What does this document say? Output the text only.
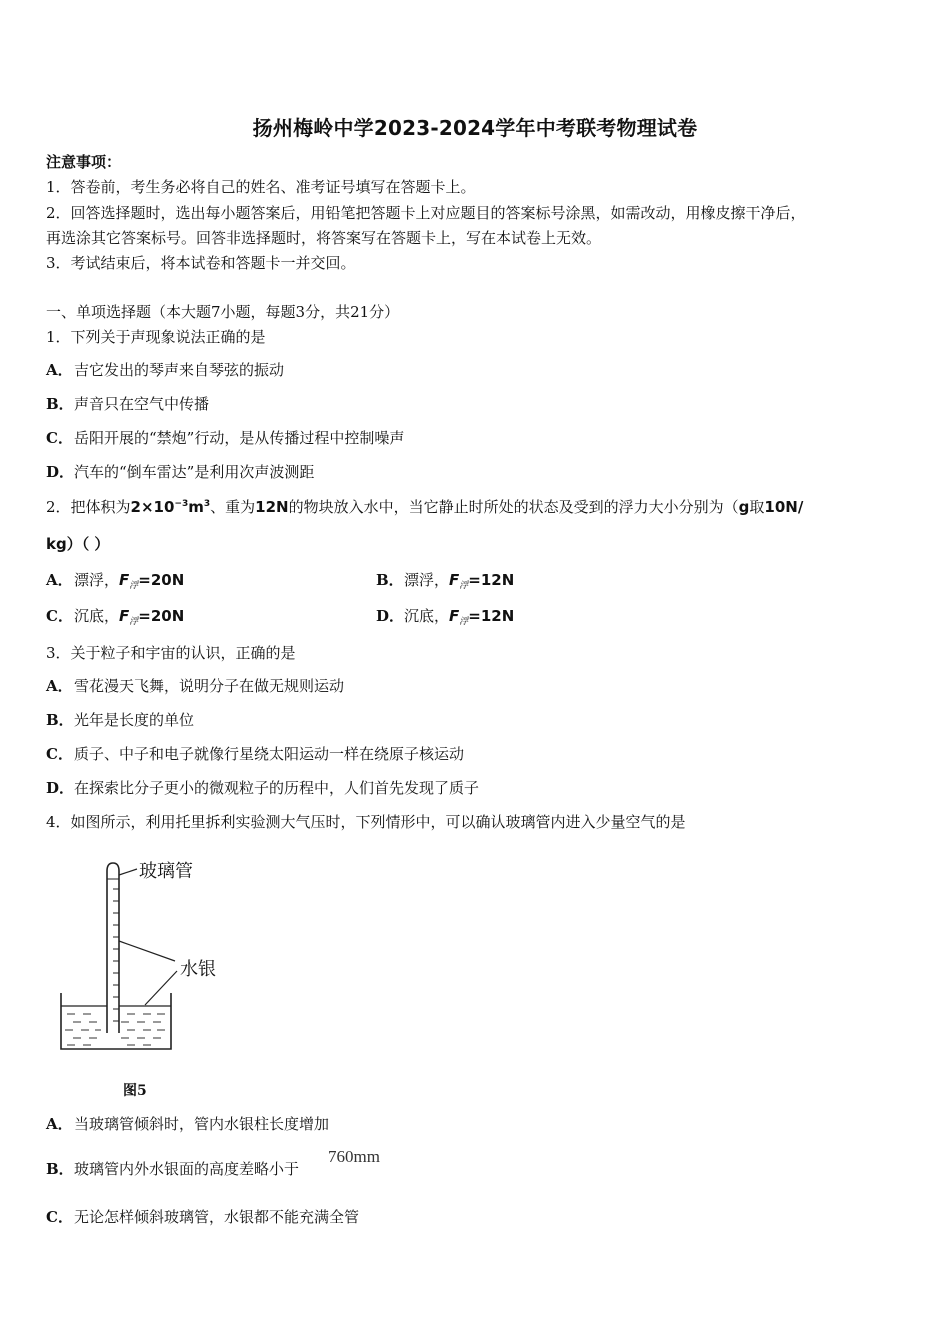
扬州梅岭中学2023-2024学年中考联考物理试卷
注意事项：
1．答卷前，考生务必将自己的姓名、准考证号填写在答题卡上。
2．回答选择题时，选出每小题答案后，用铅笔把答题卡上对应题目的答案标号涂黑，如需改动，用橡皮擦干净后，
再选涂其它答案标号。回答非选择题时，将答案写在答题卡上，写在本试卷上无效。
3．考试结束后，将本试卷和答题卡一并交回。
一、单项选择题（本大题7小题，每题3分，共21分）
1．下列关于声现象说法正确的是
A．吉它发出的琴声来自琴弦的振动
B．声音只在空气中传播
C．岳阳开展的“禁炮”行动，是从传播过程中控制噪声
D．汽车的“倒车雷达”是利用次声波测距
2．把体积为$2\times 10^{-3}m^3$、重为12N的物块放入水中，当它静止时所处的状态及受到的浮力大小分别为（g取10N/
kg）（ ）
A．漂浮，$F_浮=20N$	B．漂浮，$F_浮=12N$
C．沉底，$F_浮=20N$	D．沉底，$F_浮=12N$
3．关于粒子和宇宙的认识，正确的是
A．雪花漫天飞舞，说明分子在做无规则运动
B．光年是长度的单位
C．质子、中子和电子就像行星绕太阳运动一样在绕原子核运动
D．在探索比分子更小的微观粒子的历程中，人们首先发现了质子
4．如图所示，利用托里拆利实验测大气压时，下列情形中，可以确认玻璃管内进入少量空气的是
玻璃管
水银
图5
A．当玻璃管倾斜时，管内水银柱长度增加
B．玻璃管内外水银面的高度差略小于
760mm
C．无论怎样倾斜玻璃管，水银都不能充满全管
